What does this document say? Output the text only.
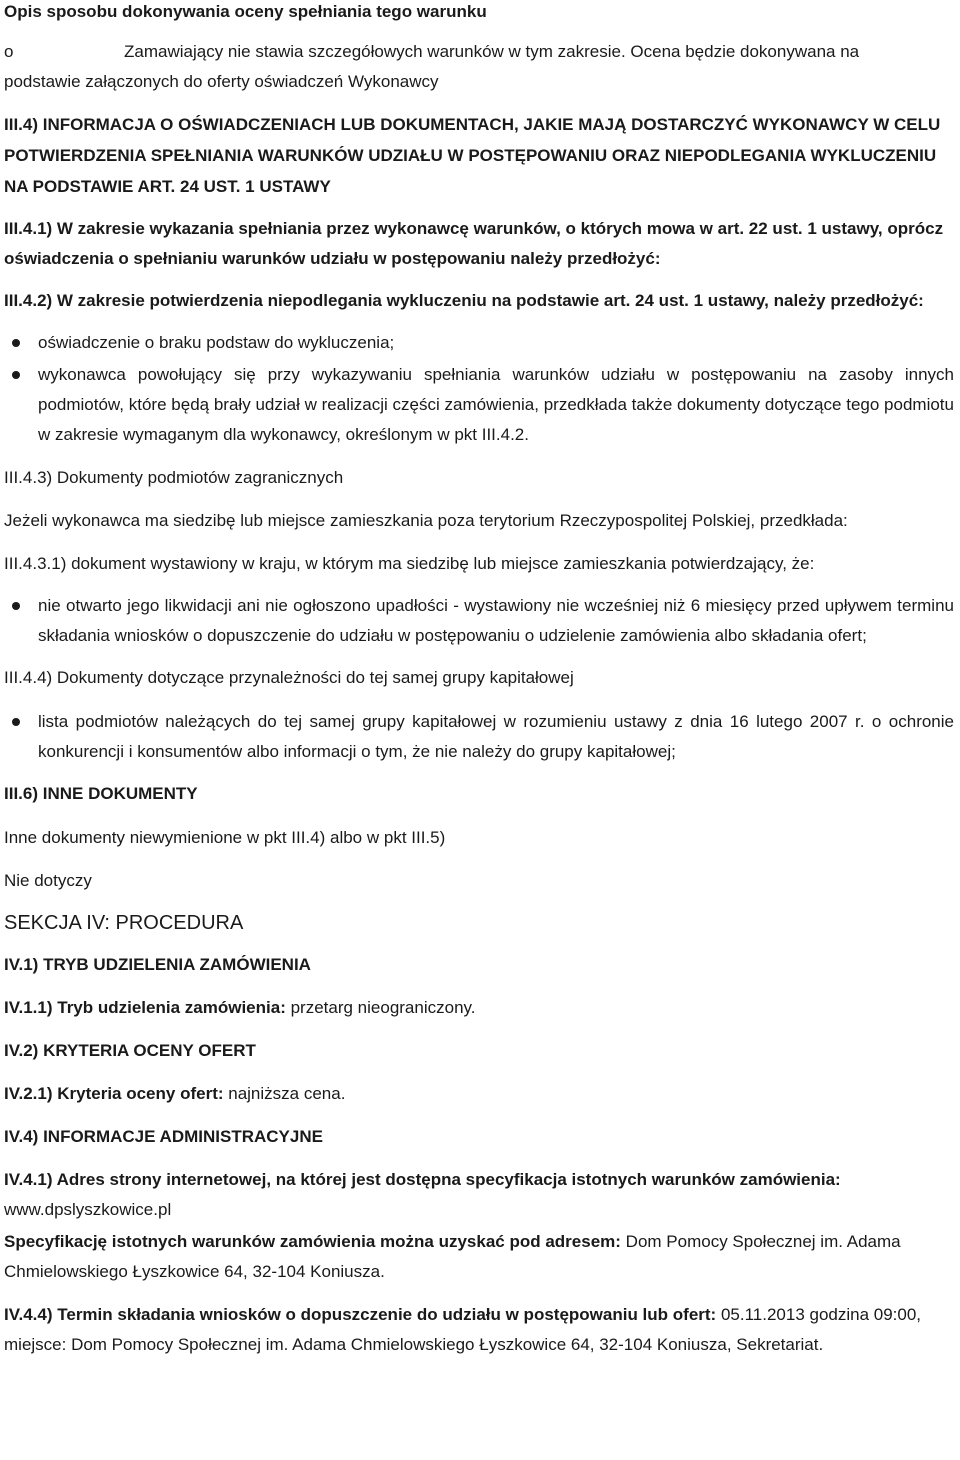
Opis sposobu dokonywania oceny spełniania tego warunku

o	Zamawiający nie stawia szczegółowych warunków w tym zakresie. Ocena będzie dokonywana na

podstawie załączonych do oferty oświadczeń Wykonawcy

III.4) INFORMACJA O OŚWIADCZENIACH LUB DOKUMENTACH, JAKIE MAJĄ DOSTARCZYĆ WYKONAWCY W CELU POTWIERDZENIA SPEŁNIANIA WARUNKÓW UDZIAŁU W POSTĘPOWANIU ORAZ NIEPODLEGANIA WYKLUCZENIU NA PODSTAWIE ART. 24 UST. 1 USTAWY

III.4.1) W zakresie wykazania spełniania przez wykonawcę warunków, o których mowa w art. 22 ust. 1 ustawy, oprócz oświadczenia o spełnianiu warunków udziału w postępowaniu należy przedłożyć:

III.4.2) W zakresie potwierdzenia niepodlegania wykluczeniu na podstawie art. 24 ust. 1 ustawy, należy przedłożyć:

oświadczenie o braku podstaw do wykluczenia;
wykonawca powołujący się przy wykazywaniu spełniania warunków udziału w postępowaniu na zasoby innych podmiotów, które będą brały udział w realizacji części zamówienia, przedkłada także dokumenty dotyczące tego podmiotu w zakresie wymaganym dla wykonawcy, określonym w pkt III.4.2.

III.4.3) Dokumenty podmiotów zagranicznych

Jeżeli wykonawca ma siedzibę lub miejsce zamieszkania poza terytorium Rzeczypospolitej Polskiej, przedkłada:

III.4.3.1) dokument wystawiony w kraju, w którym ma siedzibę lub miejsce zamieszkania potwierdzający, że:

nie otwarto jego likwidacji ani nie ogłoszono upadłości - wystawiony nie wcześniej niż 6 miesięcy przed upływem terminu składania wniosków o dopuszczenie do udziału w postępowaniu o udzielenie zamówienia albo składania ofert;

III.4.4) Dokumenty dotyczące przynależności do tej samej grupy kapitałowej

lista podmiotów należących do tej samej grupy kapitałowej w rozumieniu ustawy z dnia 16 lutego 2007 r. o ochronie konkurencji i konsumentów albo informacji o tym, że nie należy do grupy kapitałowej;

III.6) INNE DOKUMENTY

Inne dokumenty niewymienione w pkt III.4) albo w pkt III.5)

Nie dotyczy

SEKCJA IV: PROCEDURA

IV.1) TRYB UDZIELENIA ZAMÓWIENIA

IV.1.1) Tryb udzielenia zamówienia: przetarg nieograniczony.

IV.2) KRYTERIA OCENY OFERT

IV.2.1) Kryteria oceny ofert: najniższa cena.

IV.4) INFORMACJE ADMINISTRACYJNE

IV.4.1) Adres strony internetowej, na której jest dostępna specyfikacja istotnych warunków zamówienia: www.dpslyszkowice.pl

Specyfikację istotnych warunków zamówienia można uzyskać pod adresem: Dom Pomocy Społecznej im. Adama Chmielowskiego Łyszkowice 64, 32-104 Koniusza.

IV.4.4) Termin składania wniosków o dopuszczenie do udziału w postępowaniu lub ofert: 05.11.2013 godzina 09:00, miejsce: Dom Pomocy Społecznej im. Adama Chmielowskiego Łyszkowice 64, 32-104 Koniusza, Sekretariat.
